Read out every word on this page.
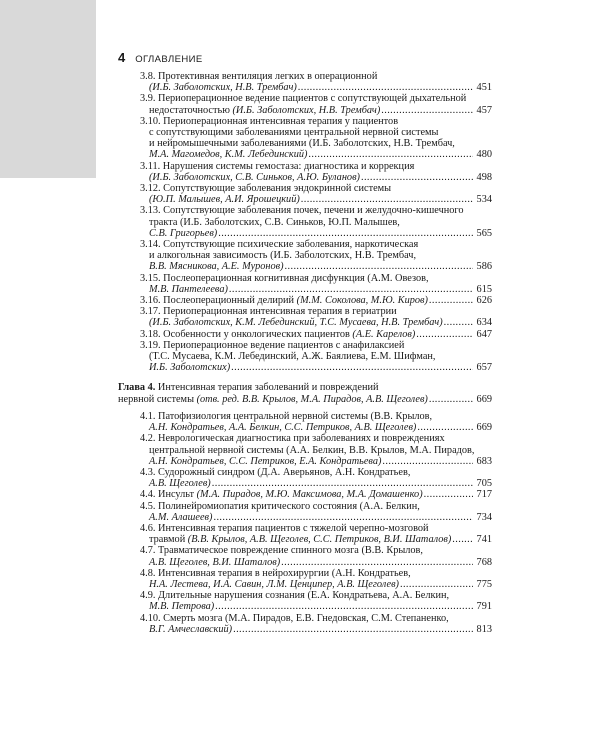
4 ОГЛАВЛЕНИЕ
3.8. Протективная вентиляция легких в операционной
(И.Б. Заболотских, Н.В. Трембач) .....	451
3.9. Периоперационное ведение пациентов с сопутствующей дыхательной
недостаточностью (И.Б. Заболотских, Н.В. Трембач) .....	457
3.10. Периоперационная интенсивная терапия у пациентов
с сопутствующими заболеваниями центральной нервной системы
и нейромышечными заболеваниями (И.Б. Заболотских, Н.В. Трембач,
М.А. Магомедов, К.М. Лебединский) .....	480
3.11. Нарушения системы гемостаза: диагностика и коррекция
(И.Б. Заболотских, С.В. Синьков, А.Ю. Буланов) .....	498
3.12. Сопутствующие заболевания эндокринной системы
(Ю.П. Малышев, А.И. Ярошецкий) .....	534
3.13. Сопутствующие заболевания почек, печени и желудочно-кишечного
тракта (И.Б. Заболотских, С.В. Синьков, Ю.П. Малышев,
С.В. Григорьев) .....	565
3.14. Сопутствующие психические заболевания, наркотическая
и алкогольная зависимость (И.Б. Заболотских, Н.В. Трембач,
В.В. Мясникова, А.Е. Муронов) .....	586
3.15. Послеоперационная когнитивная дисфункция (А.М. Овезов,
М.В. Пантелеева) .....	615
3.16. Послеоперационный делирий (М.М. Соколова, М.Ю. Киров) .....	626
3.17. Периоперационная интенсивная терапия в гериатрии
(И.Б. Заболотских, К.М. Лебединский, Т.С. Мусаева, Н.В. Трембач) .....	634
3.18. Особенности у онкологических пациентов (А.Е. Карелов) .....	647
3.19. Периоперационное ведение пациентов с анафилаксией
(Т.С. Мусаева, К.М. Лебединский, А.Ж. Баялиева, Е.М. Шифман,
И.Б. Заболотских) .....	657
Глава 4. Интенсивная терапия заболеваний и повреждений
нервной системы (отв. ред. В.В. Крылов, М.А. Пирадов, А.В. Щеголев) .....	669
4.1. Патофизиология центральной нервной системы (В.В. Крылов,
А.Н. Кондратьев, А.А. Белкин, С.С. Петриков, А.В. Щеголев) .....	669
4.2. Неврологическая диагностика при заболеваниях и повреждениях
центральной нервной системы (А.А. Белкин, В.В. Крылов, М.А. Пирадов,
А.Н. Кондратьев, С.С. Петриков, Е.А. Кондратьева) .....	683
4.3. Судорожный синдром (Д.А. Аверьянов, А.Н. Кондратьев,
А.В. Щеголев) .....	705
4.4. Инсульт (М.А. Пирадов, М.Ю. Максимова, М.А. Домашенко) .....	717
4.5. Полинейромиопатия критического состояния (А.А. Белкин,
А.М. Алашеев) .....	734
4.6. Интенсивная терапия пациентов с тяжелой черепно-мозговой
травмой (В.В. Крылов, А.В. Щеголев, С.С. Петриков, В.И. Шаталов) ..... 741
4.7. Травматическое повреждение спинного мозга (В.В. Крылов,
А.В. Щеголев, В.И. Шаталов) .....	768
4.8. Интенсивная терапия в нейрохирургии (А.Н. Кондратьев,
Н.А. Лестева, И.А. Савин, Л.М. Ценципер, А.В. Щеголев) .....	775
4.9. Длительные нарушения сознания (Е.А. Кондратьева, А.А. Белкин,
М.В. Петрова) .....	791
4.10. Смерть мозга (М.А. Пирадов, Е.В. Гнедовская, С.М. Степаненко,
В.Г. Амчеславский) .....	813
